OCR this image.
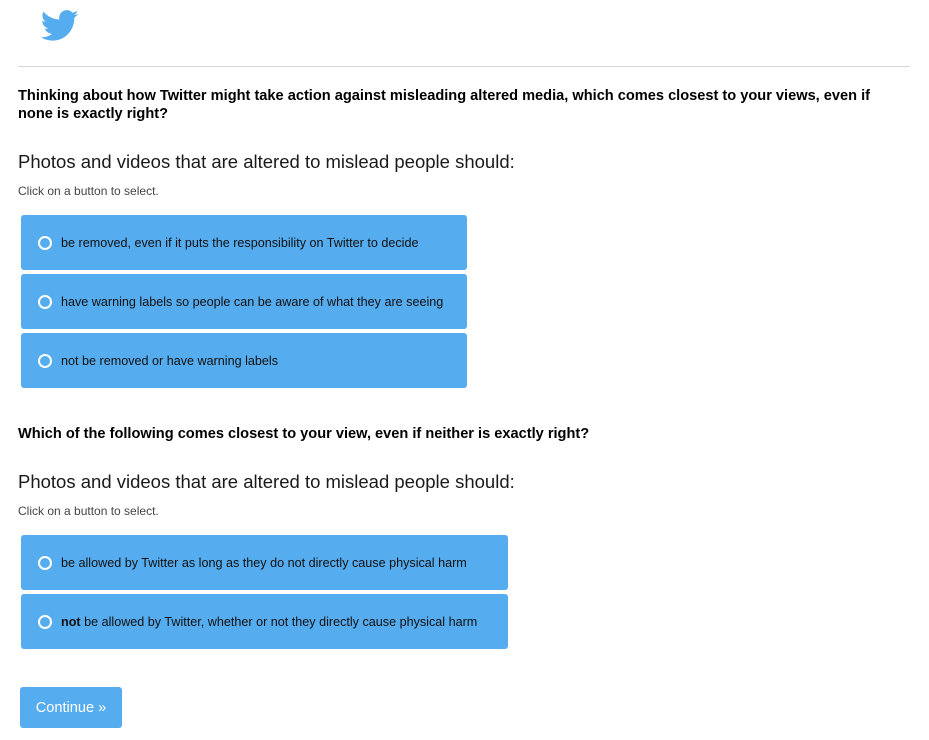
Thinking about how Twitter might take action against misleading altered media, which comes closest to your views, even if none is exactly right?

Photos and videos that are altered to mislead people should:

Click on a button to select.

be removed, even if it puts the responsibility on Twitter to decide
have warning labels so people can be aware of what they are seeing
not be removed or have warning labels

Which of the following comes closest to your view, even if neither is exactly right?

Photos and videos that are altered to mislead people should:

Click on a button to select.

be allowed by Twitter as long as they do not directly cause physical harm
not be allowed by Twitter, whether or not they directly cause physical harm
Continue »
